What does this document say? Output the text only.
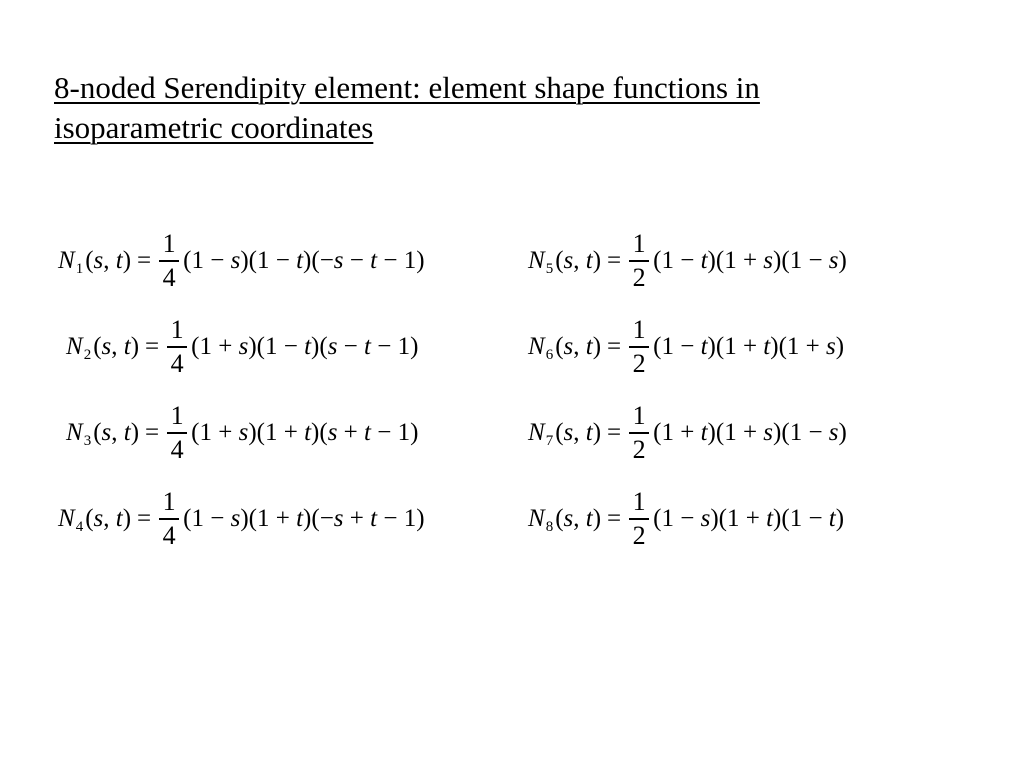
8-noded Serendipity element: element shape functions in isoparametric coordinates
N 1 (s, $t) = \frac{1}{4} (1 - s)(1 - t)(-s - t - 1)$
N 2 (s, $t) = \frac{1}{4} (1 + s)(1 - t)(s - t - 1)$
N 3 (s, $t) = \frac{1}{4} (1 + s)(1 + t)(s + t - 1)$
N 4 (s, $t) = \frac{1}{4} (1 - s)(1 + t)(-s + t - 1)$
N 5 (s, $t) = \frac{1}{2} (1 - t)(1 + s)(1 - s)$
N 6 (s, $t) = \frac{1}{2} (1 - t)(1 + t)(1 + s)$
N 7 (s, $t) = \frac{1}{2} (1 + t)(1 + s)(1 - s)$
N 8 (s, $t) = \frac{1}{2} (1 - s)(1 + t)(1 - t)$
